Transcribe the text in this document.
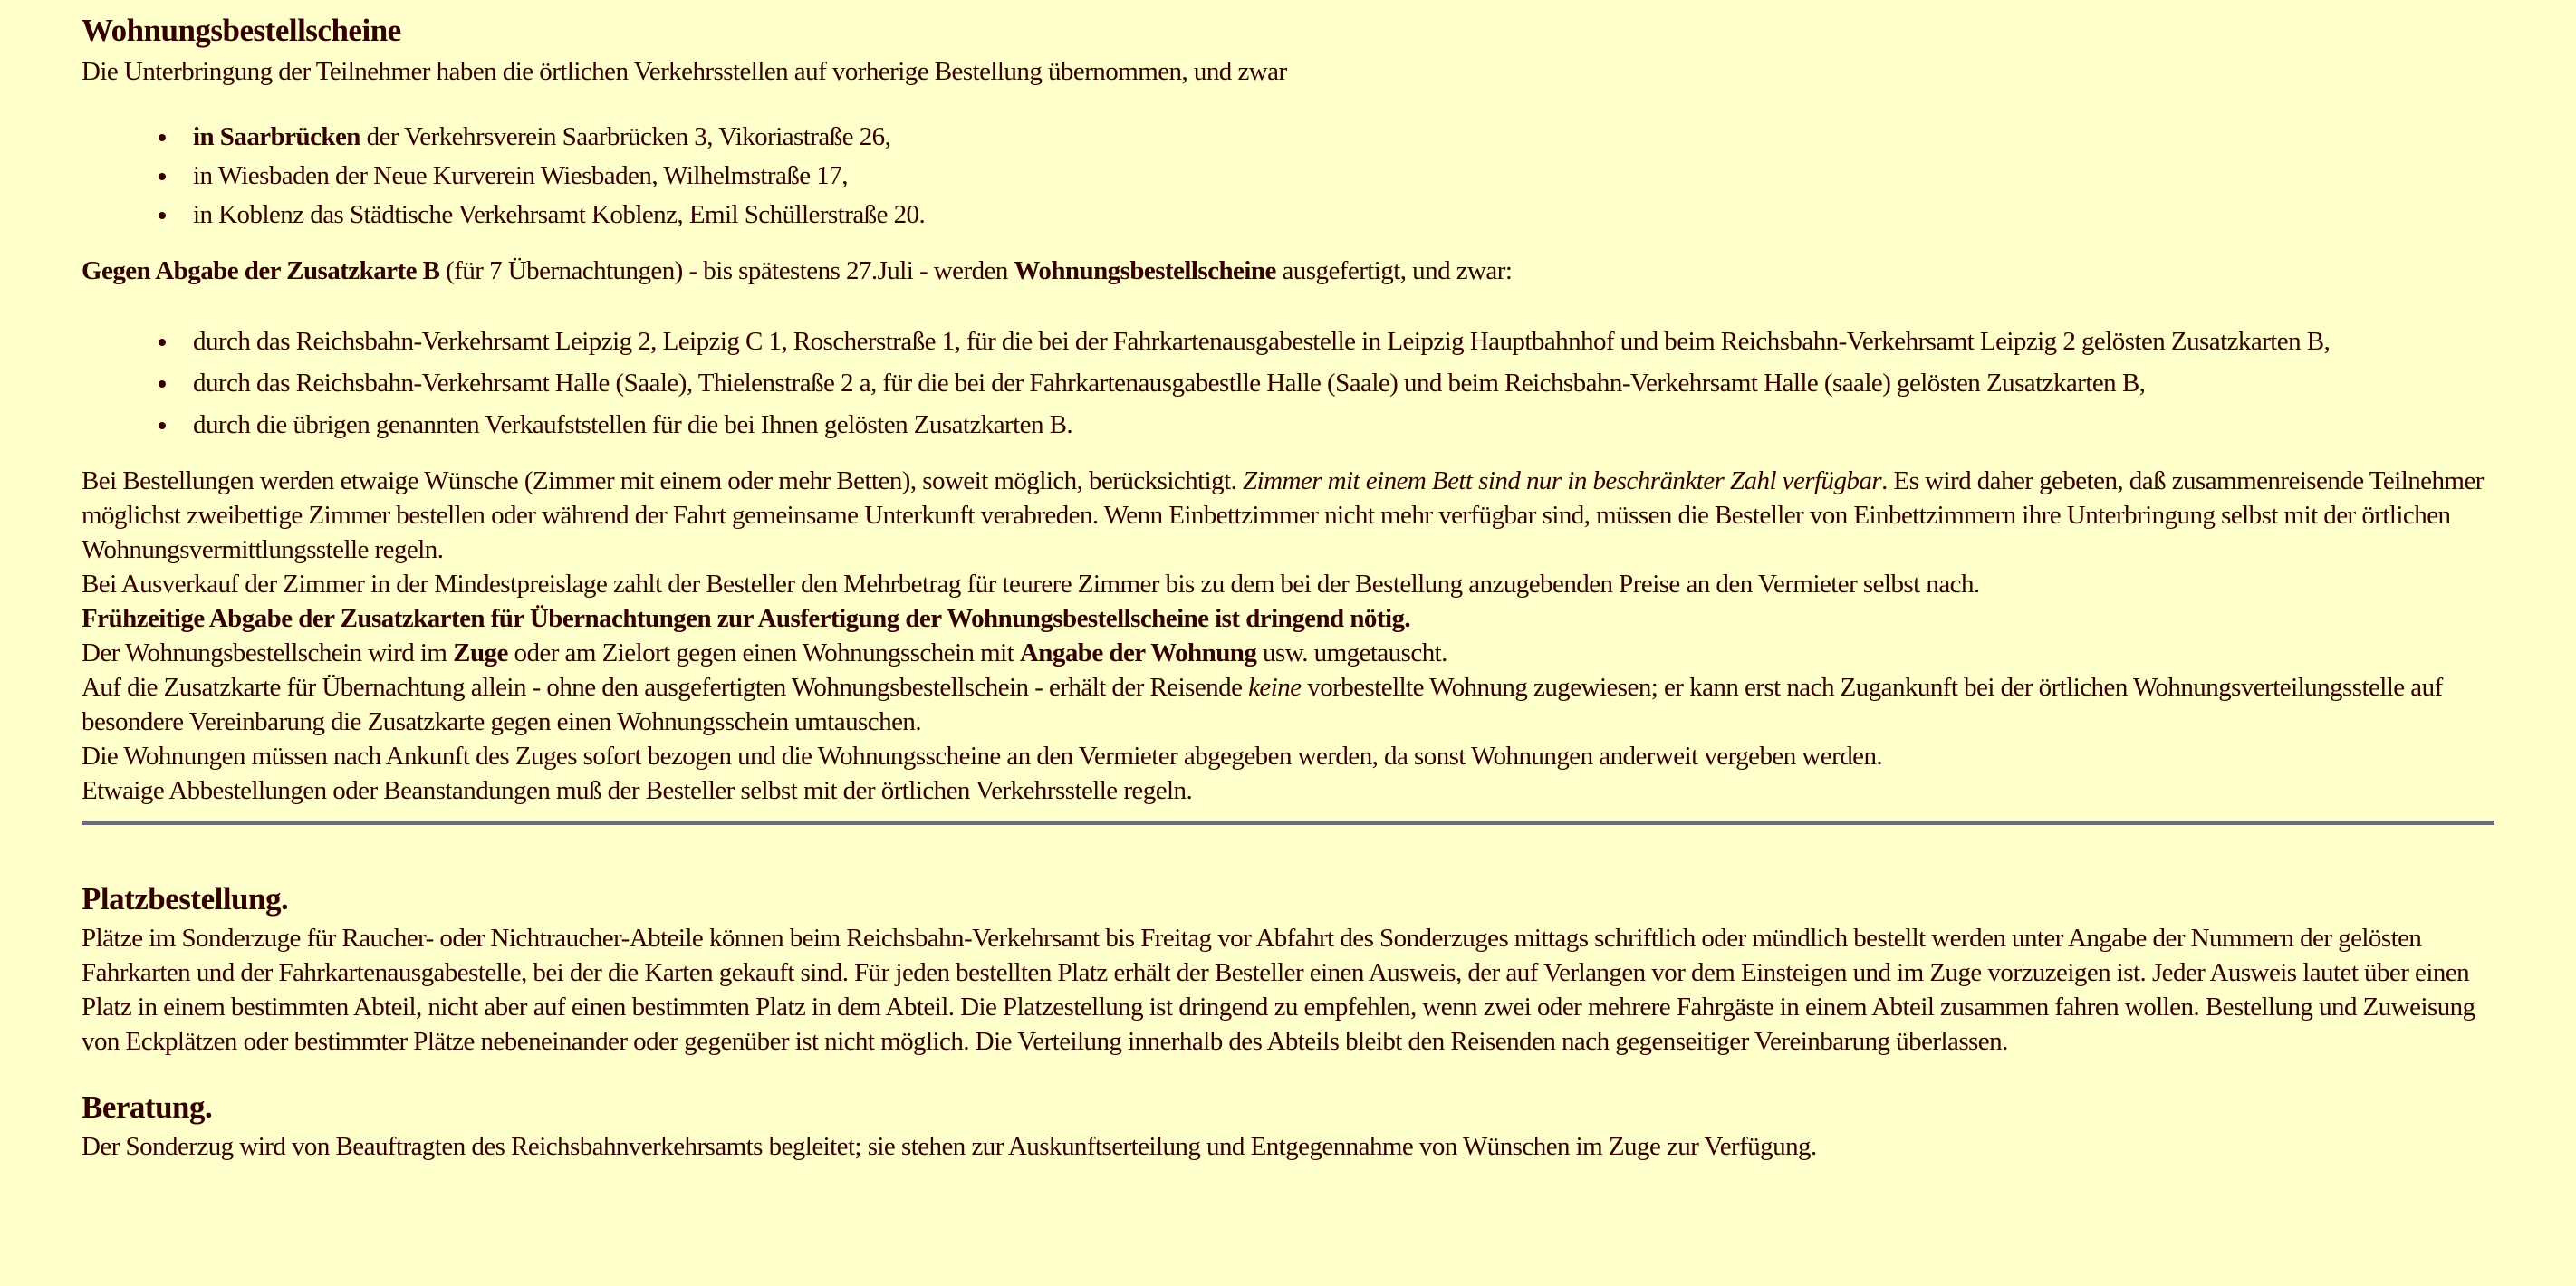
Wohnungsbestellscheine

Die Unterbringung der Teilnehmer haben die örtlichen Verkehrsstellen auf vorherige Bestellung übernommen, und zwar

• in Saarbrücken der Verkehrsverein Saarbrücken 3, Vikoriastraße 26,
• in Wiesbaden der Neue Kurverein Wiesbaden, Wilhelmstraße 17,
• in Koblenz das Städtische Verkehrsamt Koblenz, Emil Schüllerstraße 20.

Gegen Abgabe der Zusatzkarte B (für 7 Übernachtungen) - bis spätestens 27.Juli - werden Wohnungsbestellscheine ausgefertigt, und zwar:

• durch das Reichsbahn-Verkehrsamt Leipzig 2, Leipzig C 1, Roscherstraße 1, für die bei der Fahrkartenausgabestelle in Leipzig Hauptbahnhof und beim Reichsbahn-Verkehrsamt Leipzig 2 gelösten Zusatzkarten B,
• durch das Reichsbahn-Verkehrsamt Halle (Saale), Thielenstraße 2 a, für die bei der Fahrkartenausgabestlle Halle (Saale) und beim Reichsbahn-Verkehrsamt Halle (saale) gelösten Zusatzkarten B,
• durch die übrigen genannten Verkaufststellen für die bei Ihnen gelösten Zusatzkarten B.

Bei Bestellungen werden etwaige Wünsche (Zimmer mit einem oder mehr Betten), soweit möglich, berücksichtigt. Zimmer mit einem Bett sind nur in beschränkter Zahl verfügbar. Es wird daher gebeten, daß zusammenreisende Teilnehmer möglichst zweibettige Zimmer bestellen oder während der Fahrt gemeinsame Unterkunft verabreden. Wenn Einbettzimmer nicht mehr verfügbar sind, müssen die Besteller von Einbettzimmern ihre Unterbringung selbst mit der örtlichen Wohnungsvermittlungsstelle regeln.

Bei Ausverkauf der Zimmer in der Mindestpreislage zahlt der Besteller den Mehrbetrag für teurere Zimmer bis zu dem bei der Bestellung anzugebenden Preise an den Vermieter selbst nach.

Frühzeitige Abgabe der Zusatzkarten für Übernachtungen zur Ausfertigung der Wohnungsbestellscheine ist dringend nötig.

Der Wohnungsbestellschein wird im Zuge oder am Zielort gegen einen Wohnungsschein mit Angabe der Wohnung usw. umgetauscht.

Auf die Zusatzkarte für Übernachtung allein - ohne den ausgefertigten Wohnungsbestellschein - erhält der Reisende keine vorbestellte Wohnung zugewiesen; er kann erst nach Zugankunft bei der örtlichen Wohnungsverteilungsstelle auf besondere Vereinbarung die Zusatzkarte gegen einen Wohnungsschein umtauschen.

Die Wohnungen müssen nach Ankunft des Zuges sofort bezogen und die Wohnungsscheine an den Vermieter abgegeben werden, da sonst Wohnungen anderweit vergeben werden.

Etwaige Abbestellungen oder Beanstandungen muß der Besteller selbst mit der örtlichen Verkehrsstelle regeln.

Platzbestellung.

Plätze im Sonderzuge für Raucher- oder Nichtraucher-Abteile können beim Reichsbahn-Verkehrsamt bis Freitag vor Abfahrt des Sonderzuges mittags schriftlich oder mündlich bestellt werden unter Angabe der Nummern der gelösten Fahrkarten und der Fahrkartenausgabestelle, bei der die Karten gekauft sind. Für jeden bestellten Platz erhält der Besteller einen Ausweis, der auf Verlangen vor dem Einsteigen und im Zuge vorzuzeigen ist. Jeder Ausweis lautet über einen Platz in einem bestimmten Abteil, nicht aber auf einen bestimmten Platz in dem Abteil. Die Platzestellung ist dringend zu empfehlen, wenn zwei oder mehrere Fahrgäste in einem Abteil zusammen fahren wollen. Bestellung und Zuweisung von Eckplätzen oder bestimmter Plätze nebeneinander oder gegenüber ist nicht möglich. Die Verteilung innerhalb des Abteils bleibt den Reisenden nach gegenseitiger Vereinbarung überlassen.

Beratung.

Der Sonderzug wird von Beauftragten des Reichsbahnverkehrsamts begleitet; sie stehen zur Auskunftserteilung und Entgegennahme von Wünschen im Zuge zur Verfügung.
